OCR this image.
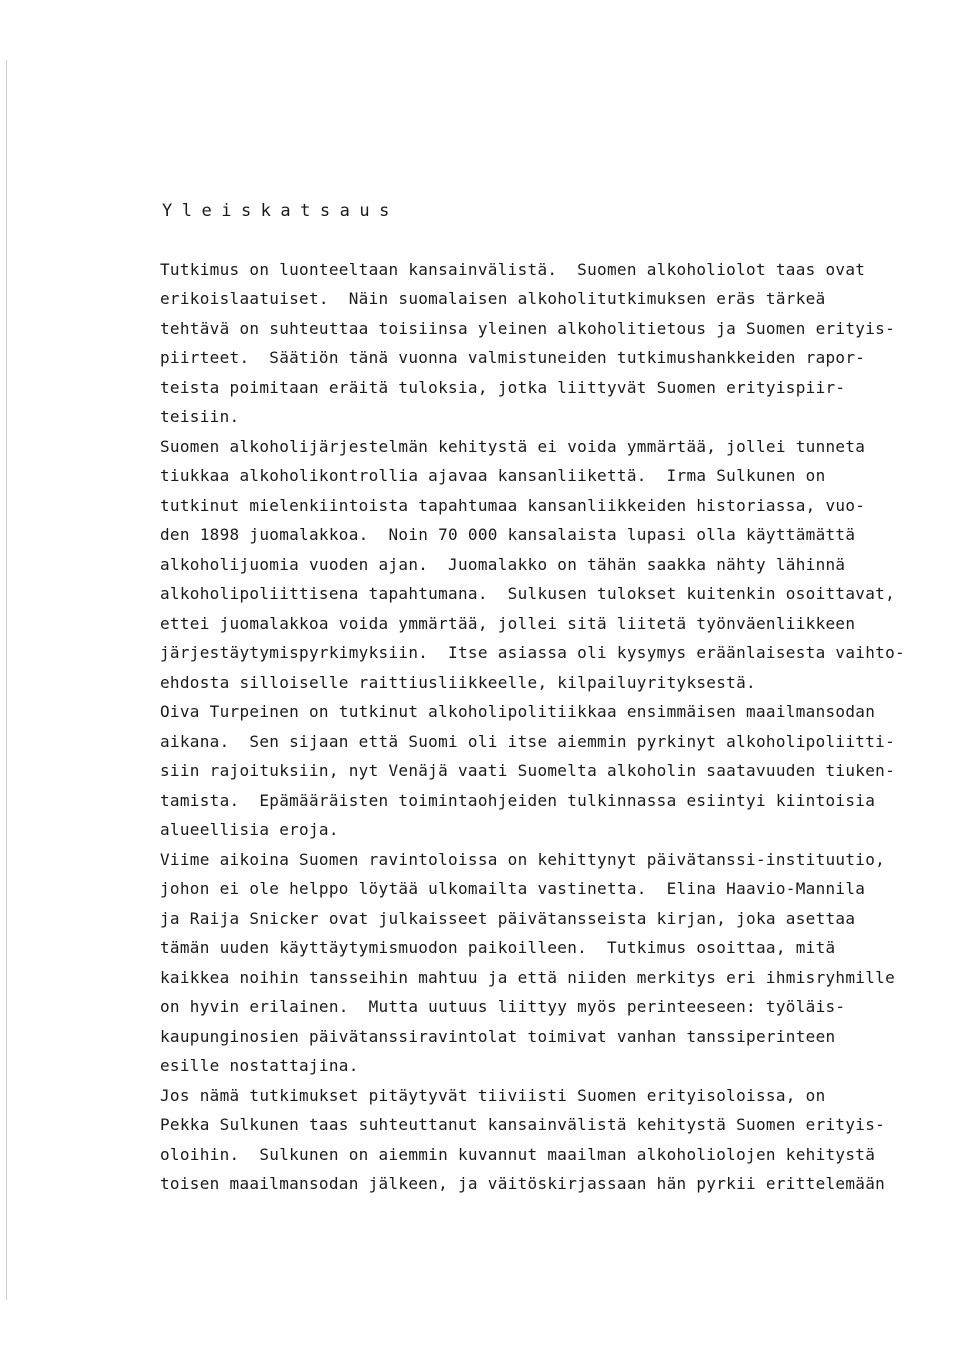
Yleiskatsaus
Tutkimus on luonteeltaan kansainvälistä.  Suomen alkoholiolot taas ovat
erikoislaatuiset.  Näin suomalaisen alkoholitutkimuksen eräs tärkeä
tehtävä on suhteuttaa toisiinsa yleinen alkoholitietous ja Suomen erityis-
piirteet.  Säätiön tänä vuonna valmistuneiden tutkimushankkeiden rapor-
teista poimitaan eräitä tuloksia, jotka liittyvät Suomen erityispiir-
teisiin.
Suomen alkoholijärjestelmän kehitystä ei voida ymmärtää, jollei tunneta
tiukkaa alkoholikontrollia ajavaa kansanliikettä.  Irma Sulkunen on
tutkinut mielenkiintoista tapahtumaa kansanliikkeiden historiassa, vuo-
den 1898 juomalakkoa.  Noin 70 000 kansalaista lupasi olla käyttämättä
alkoholijuomia vuoden ajan.  Juomalakko on tähän saakka nähty lähinnä
alkoholipoliittisena tapahtumana.  Sulkusen tulokset kuitenkin osoittavat,
ettei juomalakkoa voida ymmärtää, jollei sitä liitetä työnväenliikkeen
järjestäytymispyrkimyksiin.  Itse asiassa oli kysymys eräänlaisesta vaihto-
ehdosta silloiselle raittiusliikkeelle, kilpailuyrityksestä.
Oiva Turpeinen on tutkinut alkoholipolitiikkaa ensimmäisen maailmansodan
aikana.  Sen sijaan että Suomi oli itse aiemmin pyrkinyt alkoholipoliitti-
siin rajoituksiin, nyt Venäjä vaati Suomelta alkoholin saatavuuden tiuken-
tamista.  Epämääräisten toimintaohjeiden tulkinnassa esiintyi kiintoisia
alueellisia eroja.
Viime aikoina Suomen ravintoloissa on kehittynyt päivätanssi-instituutio,
johon ei ole helppo löytää ulkomailta vastinetta.  Elina Haavio-Mannila
ja Raija Snicker ovat julkaisseet päivätansseista kirjan, joka asettaa
tämän uuden käyttäytymismuodon paikoilleen.  Tutkimus osoittaa, mitä
kaikkea noihin tansseihin mahtuu ja että niiden merkitys eri ihmisryhmille
on hyvin erilainen.  Mutta uutuus liittyy myös perinteeseen: työläis-
kaupunginosien päivätanssiravintolat toimivat vanhan tanssiperinteen
esille nostattajina.
Jos nämä tutkimukset pitäytyvät tiiviisti Suomen erityisoloissa, on
Pekka Sulkunen taas suhteuttanut kansainvälistä kehitystä Suomen erityis-
oloihin.  Sulkunen on aiemmin kuvannut maailman alkoholiolojen kehitystä
toisen maailmansodan jälkeen, ja väitöskirjassaan hän pyrkii erittelemään
